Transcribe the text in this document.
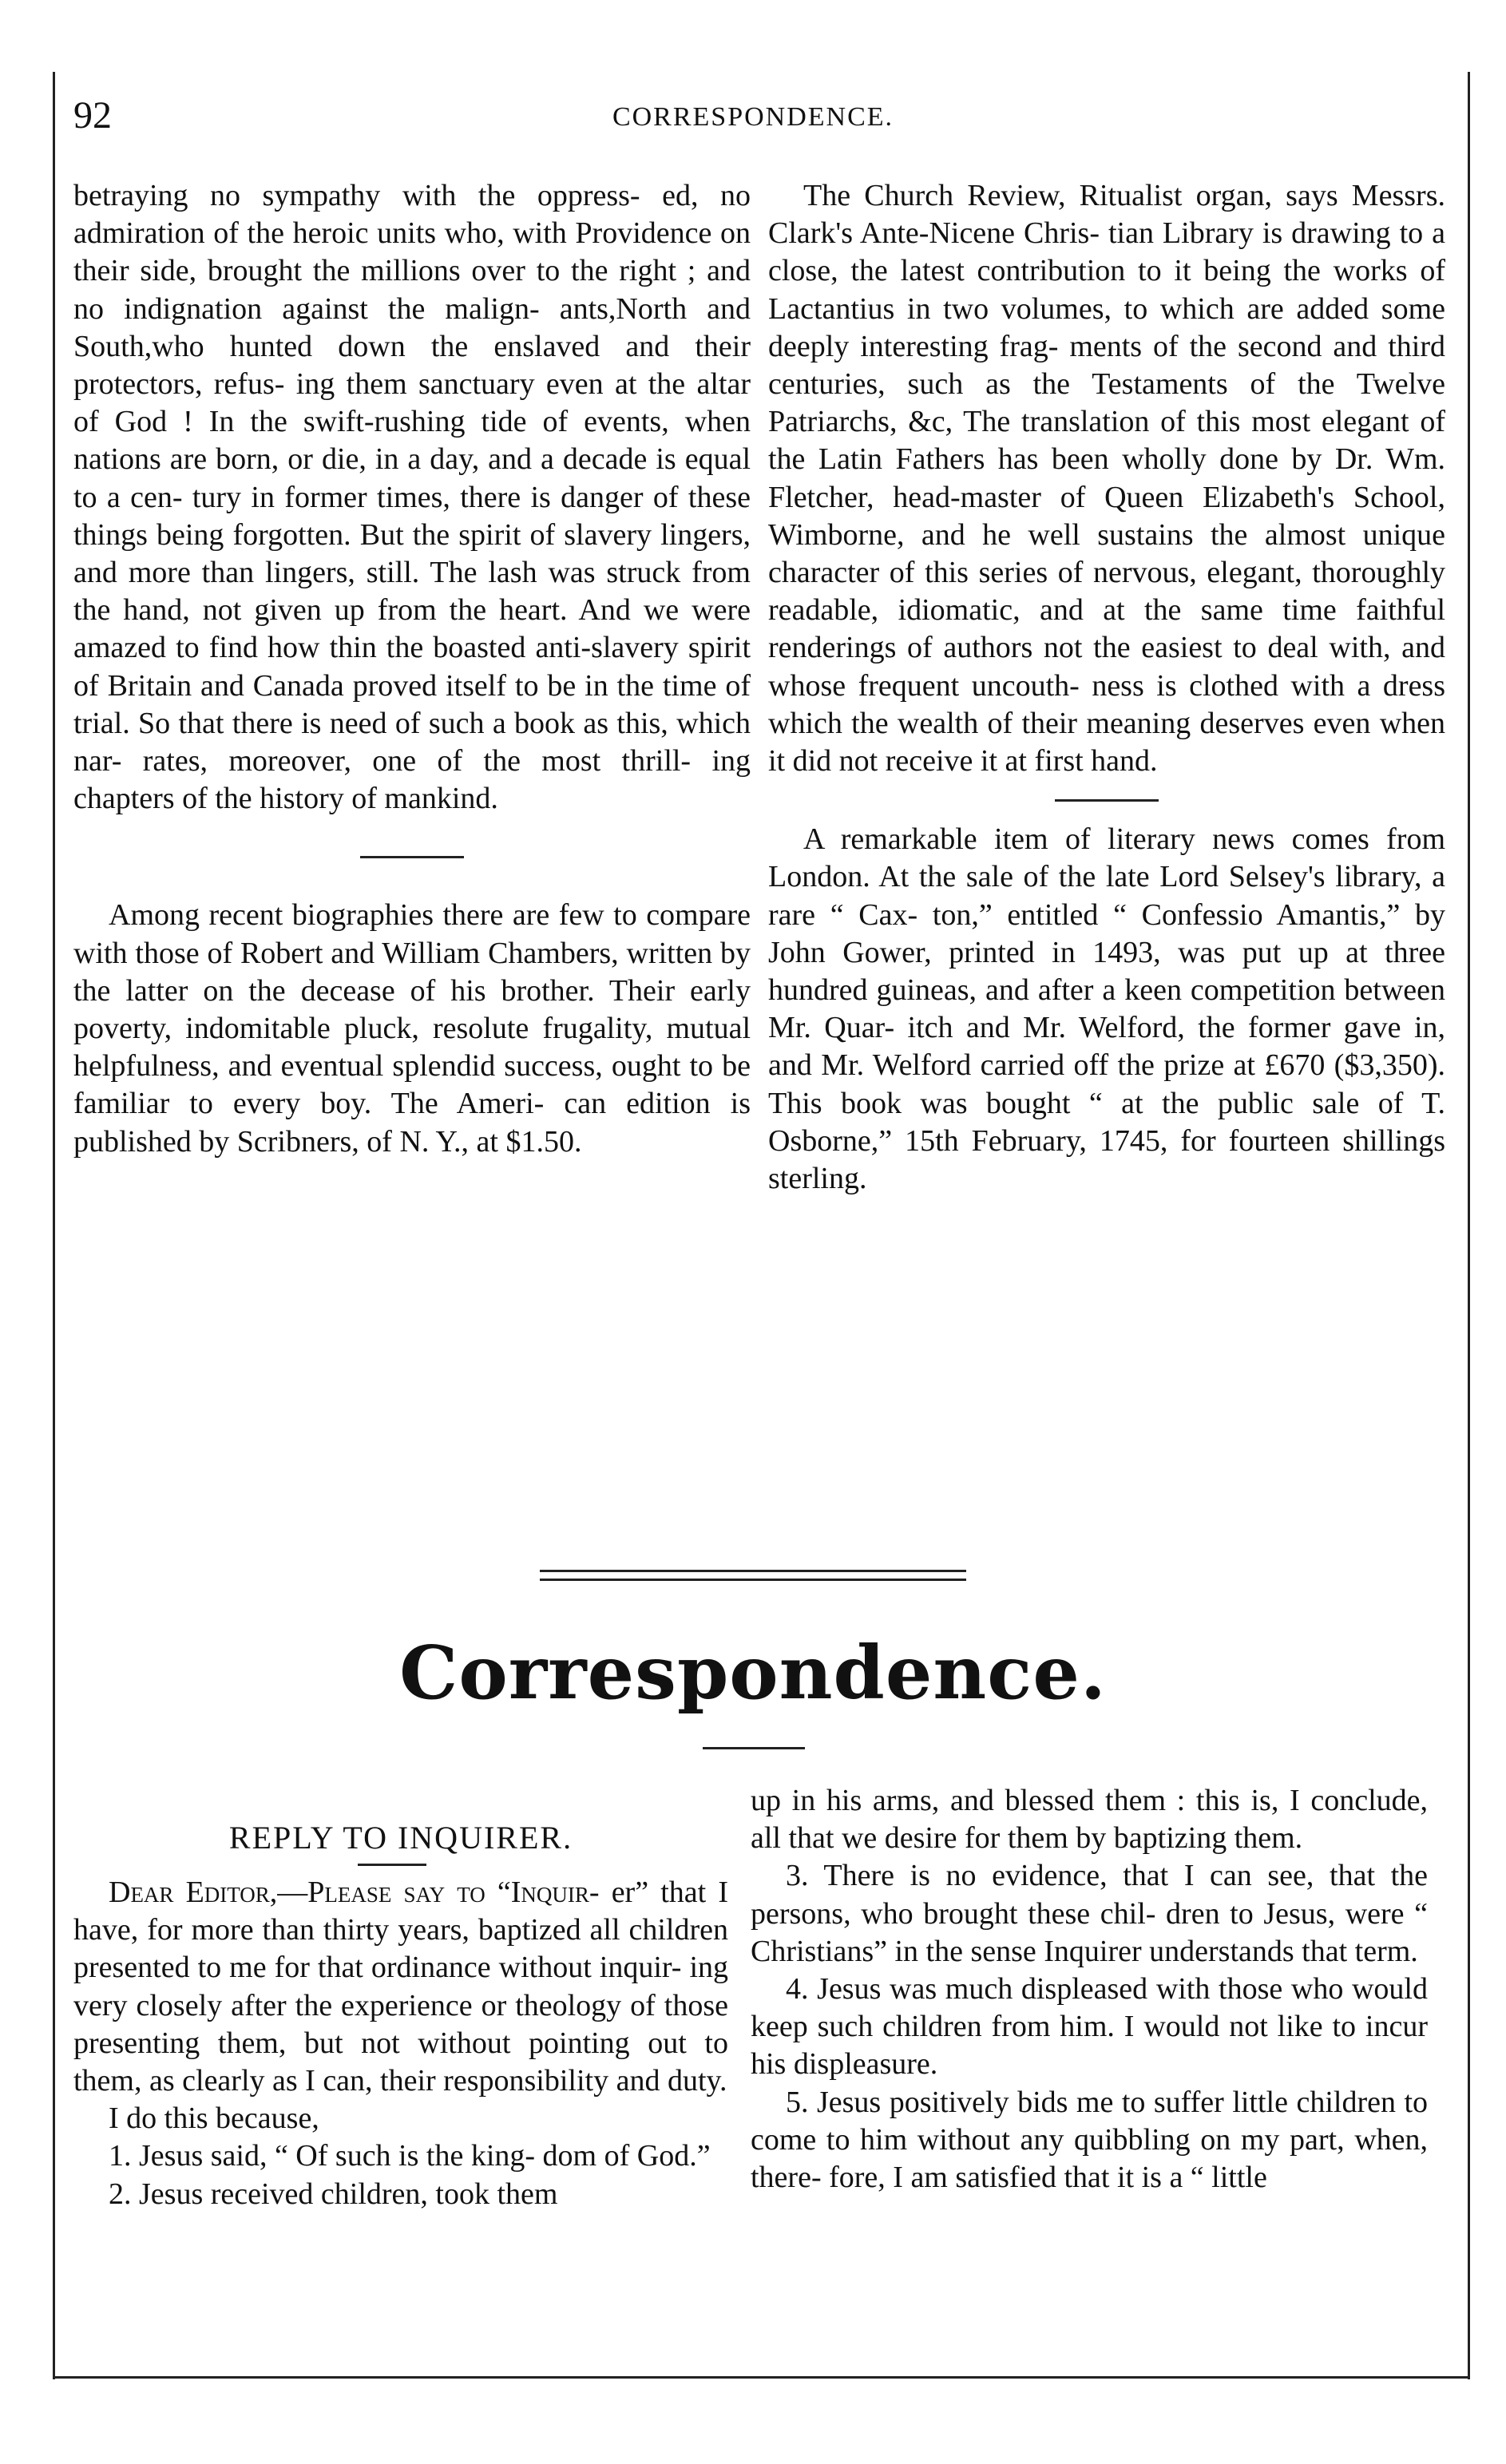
92	CORRESPONDENCE.

betraying no sympathy with the oppress- ed, no admiration of the heroic units who, with Providence on their side, brought the millions over to the right ; and no indignation against the malign- ants,North and South,who hunted down the enslaved and their protectors, refus- ing them sanctuary even at the altar of God ! In the swift-rushing tide of events, when nations are born, or die, in a day, and a decade is equal to a cen- tury in former times, there is danger of these things being forgotten. But the spirit of slavery lingers, and more than lingers, still. The lash was struck from the hand, not given up from the heart. And we were amazed to find how thin the boasted anti-slavery spirit of Britain and Canada proved itself to be in the time of trial. So that there is need of such a book as this, which nar- rates, moreover, one of the most thrill- ing chapters of the history of mankind.

Among recent biographies there are few to compare with those of Robert and William Chambers, written by the latter on the decease of his brother. Their early poverty, indomitable pluck, resolute frugality, mutual helpfulness, and eventual splendid success, ought to be familiar to every boy. The Ameri- can edition is published by Scribners, of N. Y., at $1.50.

The Church Review, Ritualist organ, says Messrs. Clark's Ante-Nicene Chris- tian Library is drawing to a close, the latest contribution to it being the works of Lactantius in two volumes, to which are added some deeply interesting frag- ments of the second and third centuries, such as the Testaments of the Twelve Patriarchs, &c, The translation of this most elegant of the Latin Fathers has been wholly done by Dr. Wm. Fletcher, head-master of Queen Elizabeth's School, Wimborne, and he well sustains the almost unique character of this series of nervous, elegant, thoroughly readable, idiomatic, and at the same time faithful renderings of authors not the easiest to deal with, and whose frequent uncouth- ness is clothed with a dress which the wealth of their meaning deserves even when it did not receive it at first hand.

A remarkable item of literary news comes from London. At the sale of the late Lord Selsey's library, a rare “ Cax- ton,” entitled “ Confessio Amantis,” by John Gower, printed in 1493, was put up at three hundred guineas, and after a keen competition between Mr. Quar- itch and Mr. Welford, the former gave in, and Mr. Welford carried off the prize at £670 ($3,350). This book was bought “ at the public sale of T. Osborne,” 15th February, 1745, for fourteen shillings sterling.

Correspondence.
REPLY TO INQUIRER.

Dear Editor,—Please say to “Inquir- er” that I have, for more than thirty years, baptized all children presented to me for that ordinance without inquir- ing very closely after the experience or theology of those presenting them, but not without pointing out to them, as clearly as I can, their responsibility and duty.

I do this because,

1. Jesus said, “ Of such is the king- dom of God.”

2. Jesus received children, took them

up in his arms, and blessed them : this is, I conclude, all that we desire for them by baptizing them.

3. There is no evidence, that I can see, that the persons, who brought these chil- dren to Jesus, were “ Christians” in the sense Inquirer understands that term.

4. Jesus was much displeased with those who would keep such children from him. I would not like to incur his displeasure.

5. Jesus positively bids me to suffer little children to come to him without any quibbling on my part, when, there- fore, I am satisfied that it is a “ little
